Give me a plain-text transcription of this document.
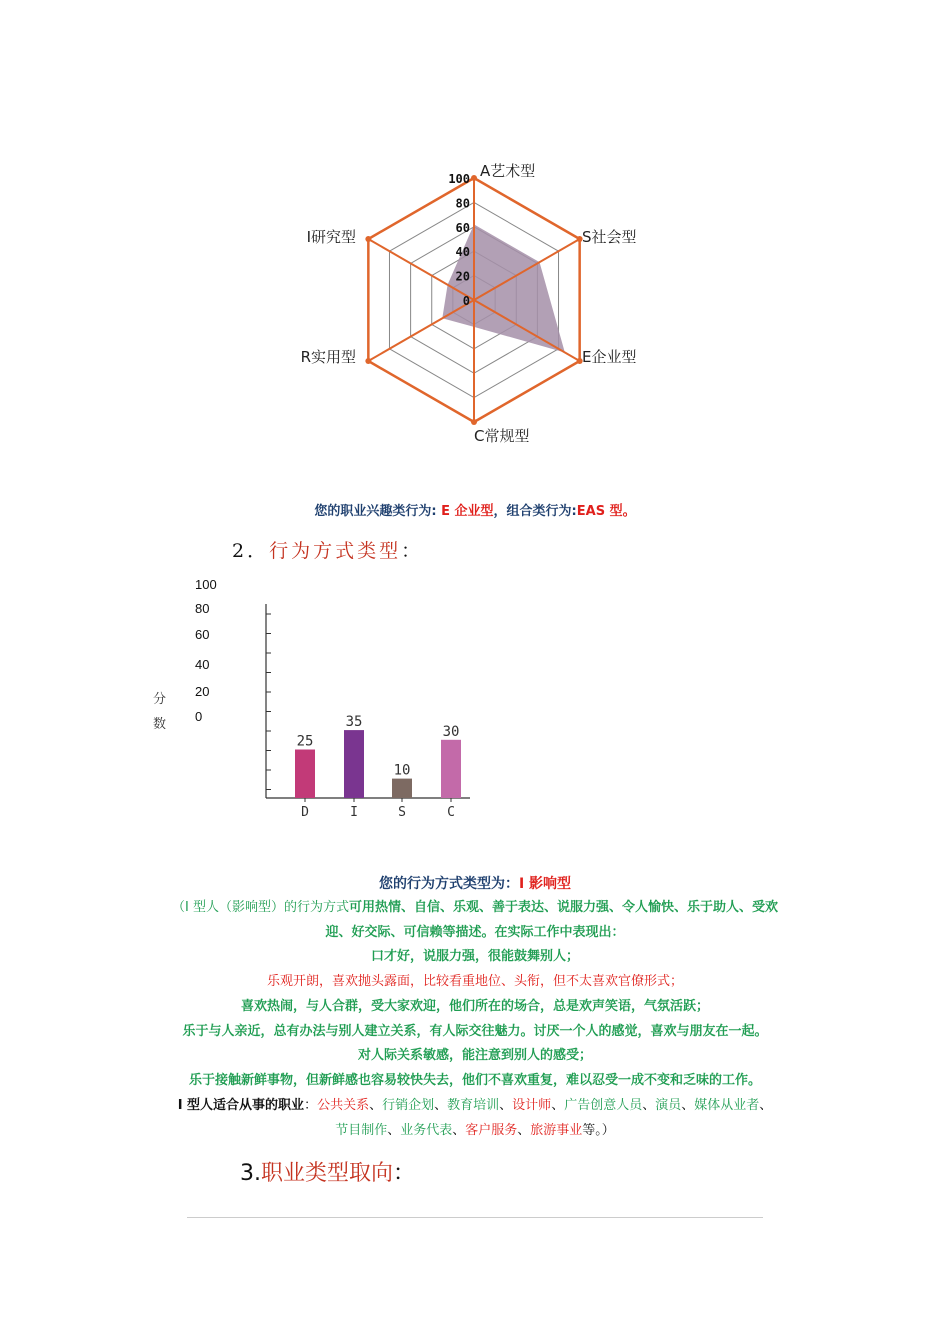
100
80
60
40
20
0
A艺术型
S社会型
E企业型
C常规型
R实用型
I研究型
您的职业兴趣类行为: E 企业型，组合类行为:EAS 型。
2．行为方式类型：
100
80
60
40
20
0
分
数
25
D
35
I
10
S
30
C
您的行为方式类型为：I 影响型
（I 型人（影响型）的行为方式可用热情、自信、乐观、善于表达、说服力强、令人愉快、乐于助人、受欢
迎、好交际、可信赖等描述。在实际工作中表现出：
口才好，说服力强，很能鼓舞别人；
乐观开朗，喜欢抛头露面，比较看重地位、头衔，但不太喜欢官僚形式；
喜欢热闹，与人合群，受大家欢迎，他们所在的场合，总是欢声笑语，气氛活跃；
乐于与人亲近，总有办法与别人建立关系，有人际交往魅力。讨厌一个人的感觉，喜欢与朋友在一起。
对人际关系敏感，能注意到别人的感受；
乐于接触新鲜事物，但新鲜感也容易较快失去，他们不喜欢重复，难以忍受一成不变和乏味的工作。
I 型人适合从事的职业：公共关系、行销企划、教育培训、设计师、广告创意人员、演员、媒体从业者、
节目制作、业务代表、客户服务、旅游事业等。）
3.职业类型取向：
